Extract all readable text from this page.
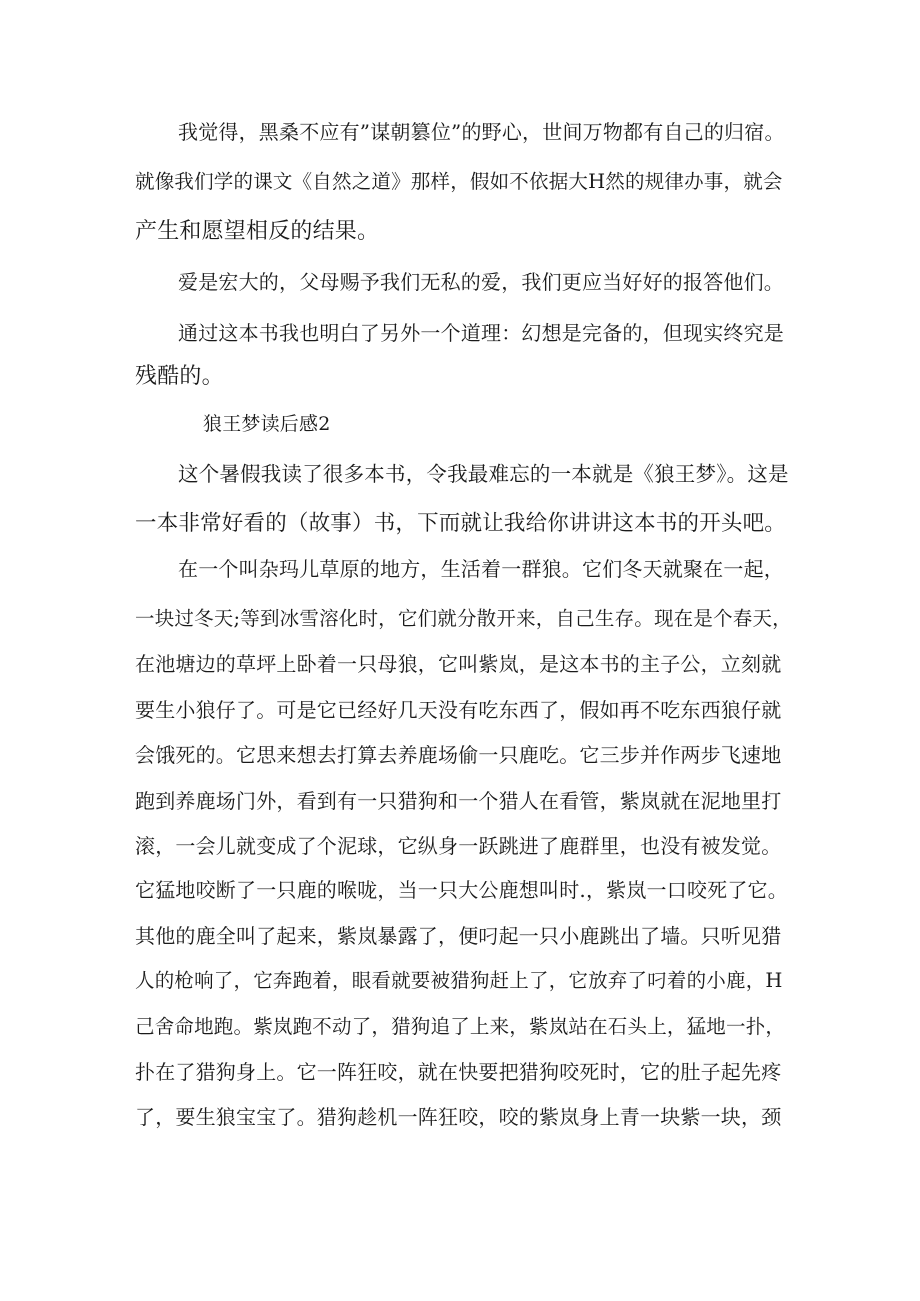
我觉得，黑桑不应有”谋朝篡位”的野心，世间万物都有自己的归宿。
就像我们学的课文《自然之道》那样，假如不依据大H然的规律办事，就会
产生和愿望相反的结果。
爱是宏大的，父母赐予我们无私的爱，我们更应当好好的报答他们。
通过这本书我也明白了另外一个道理：幻想是完备的，但现实终究是
残酷的。
狼王梦读后感2
这个暑假我读了很多本书，令我最难忘的一本就是《狼王梦》。这是
一本非常好看的（故事）书，下而就让我给你讲讲这本书的开头吧。
在一个叫杂玛儿草原的地方，生活着一群狼。它们冬天就聚在一起，
一块过冬天;等到冰雪溶化时，它们就分散开来，自己生存。现在是个春天，
在池塘边的草坪上卧着一只母狼，它叫紫岚，是这本书的主子公，立刻就
要生小狼仔了。可是它已经好几天没有吃东西了，假如再不吃东西狼仔就
会饿死的。它思来想去打算去养鹿场偷一只鹿吃。它三步并作两步飞速地
跑到养鹿场门外，看到有一只猎狗和一个猎人在看管，紫岚就在泥地里打
滚，一会儿就变成了个泥球，它纵身一跃跳进了鹿群里，也没有被发觉。
它猛地咬断了一只鹿的喉咙，当一只大公鹿想叫时.，紫岚一口咬死了它。
其他的鹿全叫了起来，紫岚暴露了，便叼起一只小鹿跳出了墙。只听见猎
人的枪响了，它奔跑着，眼看就要被猎狗赶上了，它放弃了叼着的小鹿，H
己舍命地跑。紫岚跑不动了，猎狗追了上来，紫岚站在石头上，猛地一扑，
扑在了猎狗身上。它一阵狂咬，就在快要把猎狗咬死时，它的肚子起先疼
了，要生狼宝宝了。猎狗趁机一阵狂咬，咬的紫岚身上青一块紫一块，颈
